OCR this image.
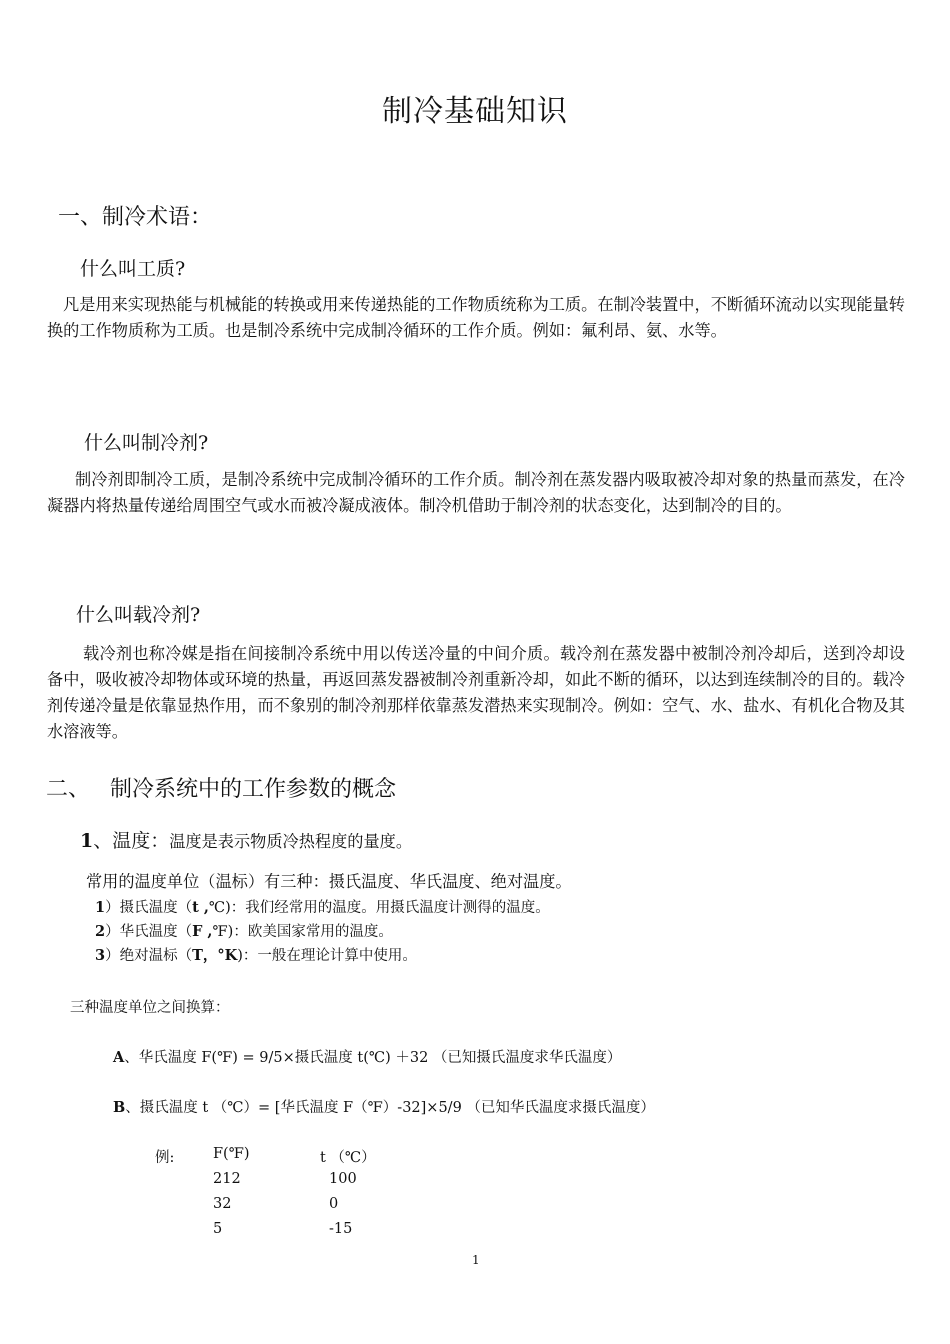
制冷基础知识
一、制冷术语：
什么叫工质?
凡是用来实现热能与机械能的转换或用来传递热能的工作物质统称为工质。在制冷装置中，不断循环流动以实现能量转换的工作物质称为工质。也是制冷系统中完成制冷循环的工作介质。例如：氟利昂、氨、水等。
什么叫制冷剂?
制冷剂即制冷工质，是制冷系统中完成制冷循环的工作介质。制冷剂在蒸发器内吸取被冷却对象的热量而蒸发，在冷凝器内将热量传递给周围空气或水而被冷凝成液体。制冷机借助于制冷剂的状态变化，达到制冷的目的。
什么叫载冷剂?
载冷剂也称冷媒是指在间接制冷系统中用以传送冷量的中间介质。载冷剂在蒸发器中被制冷剂冷却后，送到冷却设备中，吸收被冷却物体或环境的热量，再返回蒸发器被制冷剂重新冷却，如此不断的循环，以达到连续制冷的目的。载冷剂传递冷量是依靠显热作用，而不象别的制冷剂那样依靠蒸发潜热来实现制冷。例如：空气、水、盐水、有机化合物及其水溶液等。
二、 制冷系统中的工作参数的概念
1、温度：温度是表示物质冷热程度的量度。
常用的温度单位（温标）有三种：摄氏温度、华氏温度、绝对温度。
1）摄氏温度（t ,℃)：我们经常用的温度。用摄氏温度计测得的温度。
2）华氏温度（F ,℉)：欧美国家常用的温度。
3）绝对温标（T，°K)：一般在理论计算中使用。
三种温度单位之间换算：
A、华氏温度 F(℉) = 9/5×摄氏温度 t(℃) ＋32 （已知摄氏温度求华氏温度）
B、摄氏温度 t （℃）= [华氏温度 F（℉）-32]×5/9 （已知华氏温度求摄氏温度）
例:	F(℉)	t （℃）
212	100
32	0
5	-15
1
